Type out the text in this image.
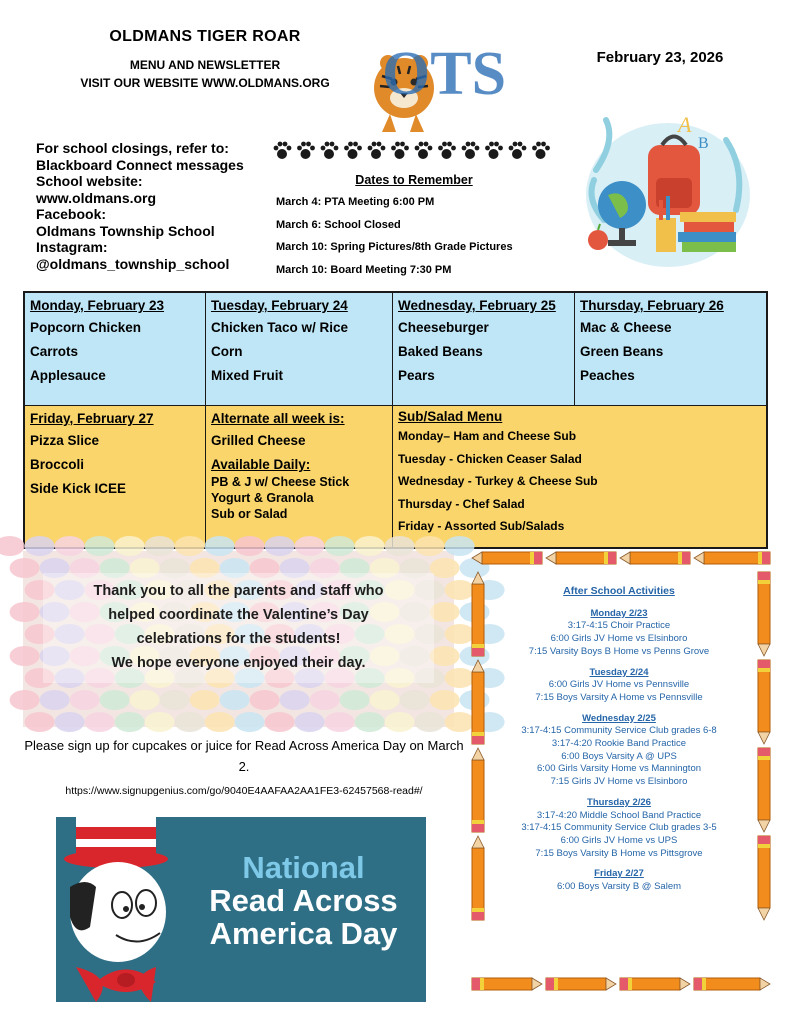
OLDMANS TIGER ROAR
MENU AND NEWSLETTER
VISIT OUR WEBSITE WWW.OLDMANS.ORG
February 23, 2026
OTS
For school closings, refer to:
Blackboard Connect messages
School website:
www.oldmans.org
Facebook:
Oldmans Township School
Instagram:
@oldmans_township_school
Dates to Remember
March 4: PTA Meeting 6:00 PM
March 6: School Closed
March 10: Spring Pictures/8th Grade Pictures
March 10: Board Meeting 7:30 PM
A
B
Monday, February 23
Popcorn Chicken
Carrots
Applesauce
Tuesday, February 24
Chicken Taco w/ Rice
Corn
Mixed Fruit
Wednesday, February 25
Cheeseburger
Baked Beans
Pears
Thursday, February 26
Mac & Cheese
Green Beans
Peaches
Friday, February 27
Pizza Slice
Broccoli
Side Kick ICEE
Alternate all week is:
Grilled Cheese
Available Daily:
PB & J w/ Cheese Stick
Yogurt & Granola
Sub or Salad
Sub/Salad Menu
Monday– Ham and Cheese Sub
Tuesday - Chicken Ceaser Salad
Wednesday - Turkey & Cheese Sub
Thursday - Chef Salad
Friday - Assorted Sub/Salads
Thank you to all the parents and staff who
helped coordinate the Valentine’s Day
celebrations for the students!
We hope everyone enjoyed their day.
Please sign up for cupcakes or juice for Read Across America Day on March 2.
https://www.signupgenius.com/go/9040E4AAFAA2AA1FE3-62457568-read#/
National
Read Across
America Day
After School Activities
Monday 2/23
3:17-4:15 Choir Practice
6:00 Girls JV Home vs Elsinboro
7:15 Varsity Boys B Home vs Penns Grove
Tuesday 2/24
6:00 Girls JV Home vs Pennsville
7:15 Boys Varsity A Home vs Pennsville
Wednesday 2/25
3:17-4:15 Community Service Club grades 6-8
3:17-4:20 Rookie Band Practice
6:00 Boys Varsity A @ UPS
6:00 Girls Varsity Home vs Mannington
7:15 Girls JV Home vs Elsinboro
Thursday 2/26
3:17-4:20 Middle School Band Practice
3:17-4:15 Community Service Club grades 3-5
6:00 Girls JV Home vs UPS
7:15 Boys Varsity B Home vs Pittsgrove
Friday 2/27
6:00 Boys Varsity B @ Salem
